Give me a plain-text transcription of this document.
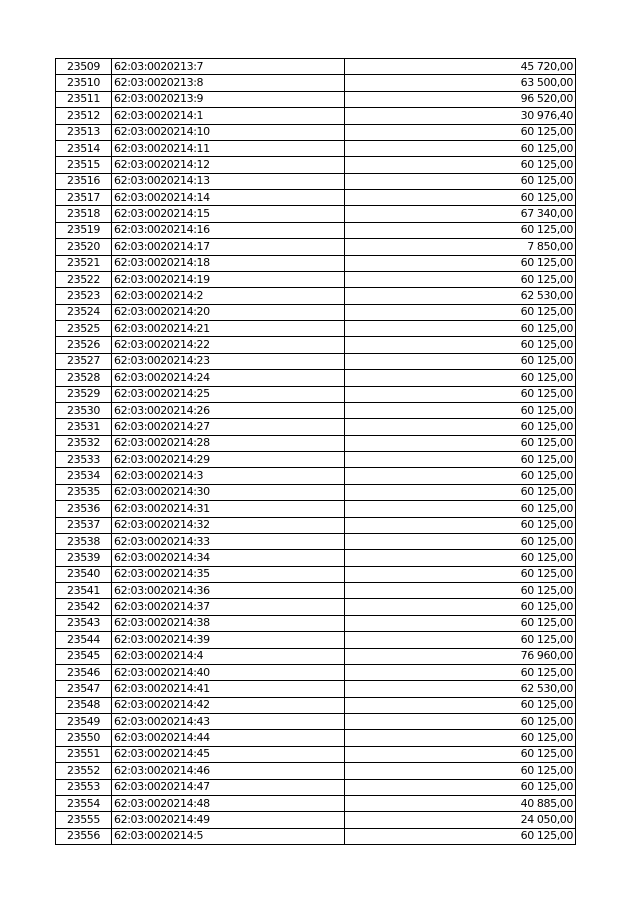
23509	62:03:0020213:7	45 720,00
23510	62:03:0020213:8	63 500,00
23511	62:03:0020213:9	96 520,00
23512	62:03:0020214:1	30 976,40
23513	62:03:0020214:10	60 125,00
23514	62:03:0020214:11	60 125,00
23515	62:03:0020214:12	60 125,00
23516	62:03:0020214:13	60 125,00
23517	62:03:0020214:14	60 125,00
23518	62:03:0020214:15	67 340,00
23519	62:03:0020214:16	60 125,00
23520	62:03:0020214:17	7 850,00
23521	62:03:0020214:18	60 125,00
23522	62:03:0020214:19	60 125,00
23523	62:03:0020214:2	62 530,00
23524	62:03:0020214:20	60 125,00
23525	62:03:0020214:21	60 125,00
23526	62:03:0020214:22	60 125,00
23527	62:03:0020214:23	60 125,00
23528	62:03:0020214:24	60 125,00
23529	62:03:0020214:25	60 125,00
23530	62:03:0020214:26	60 125,00
23531	62:03:0020214:27	60 125,00
23532	62:03:0020214:28	60 125,00
23533	62:03:0020214:29	60 125,00
23534	62:03:0020214:3	60 125,00
23535	62:03:0020214:30	60 125,00
23536	62:03:0020214:31	60 125,00
23537	62:03:0020214:32	60 125,00
23538	62:03:0020214:33	60 125,00
23539	62:03:0020214:34	60 125,00
23540	62:03:0020214:35	60 125,00
23541	62:03:0020214:36	60 125,00
23542	62:03:0020214:37	60 125,00
23543	62:03:0020214:38	60 125,00
23544	62:03:0020214:39	60 125,00
23545	62:03:0020214:4	76 960,00
23546	62:03:0020214:40	60 125,00
23547	62:03:0020214:41	62 530,00
23548	62:03:0020214:42	60 125,00
23549	62:03:0020214:43	60 125,00
23550	62:03:0020214:44	60 125,00
23551	62:03:0020214:45	60 125,00
23552	62:03:0020214:46	60 125,00
23553	62:03:0020214:47	60 125,00
23554	62:03:0020214:48	40 885,00
23555	62:03:0020214:49	24 050,00
23556	62:03:0020214:5	60 125,00
